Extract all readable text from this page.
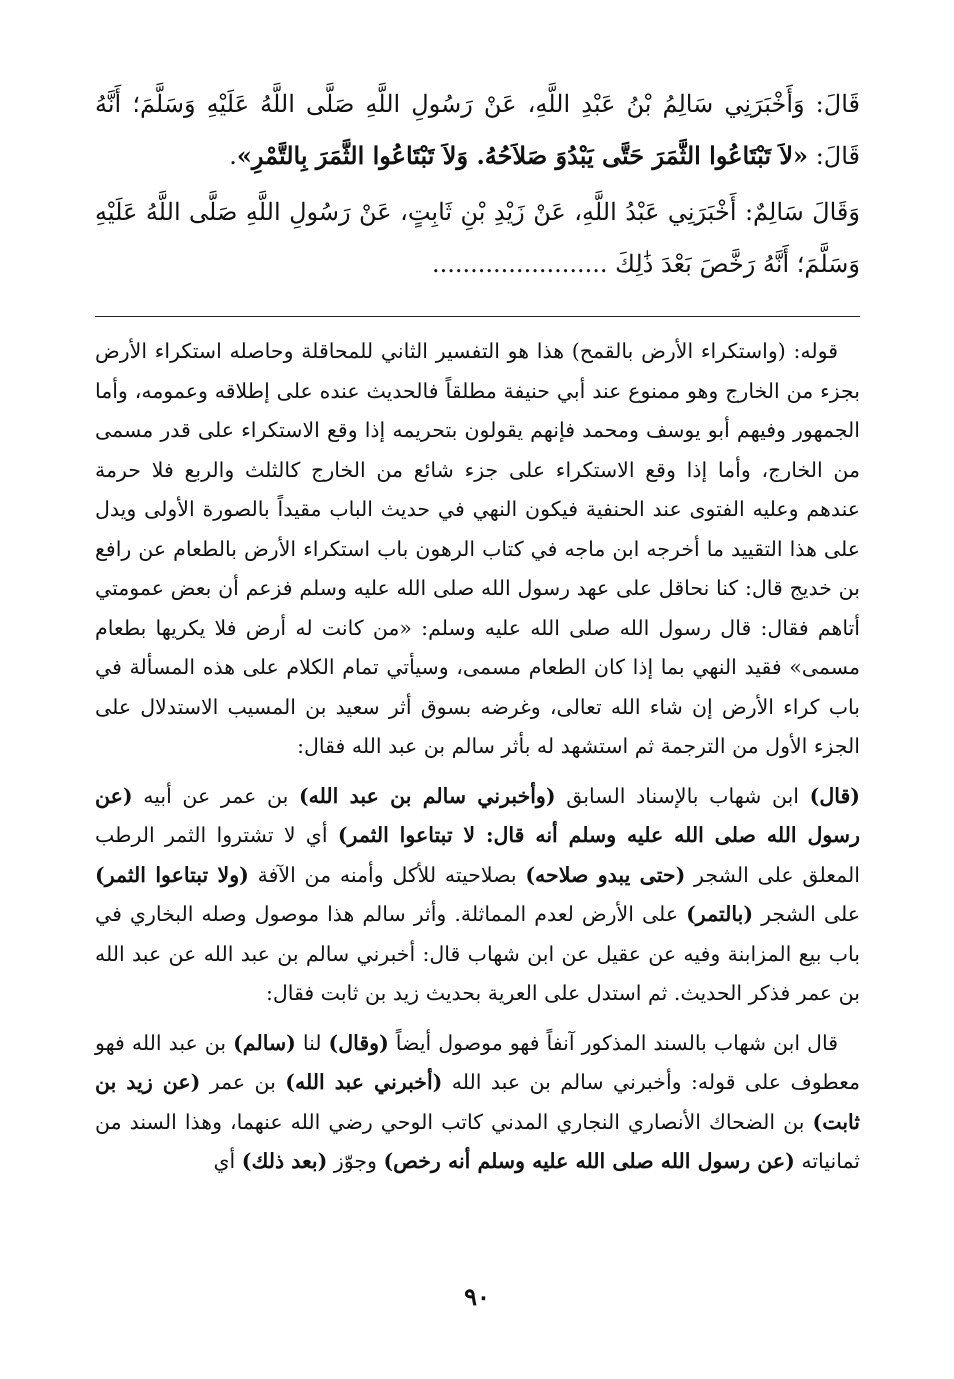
قَالَ: وَأَخْبَرَنِي سَالِمُ بْنُ عَبْدِ اللَّهِ، عَنْ رَسُولِ اللَّهِ صَلَّى اللَّهُ عَلَيْهِ وَسَلَّمَ؛ أَنَّهُ قَالَ: «لاَ تَبْتَاعُوا الثَّمَرَ حَتَّى يَبْدُوَ صَلاَحُهُ. وَلاَ تَبْتَاعُوا الثَّمَرَ بِالتَّمْرِ».

وَقَالَ سَالِمٌ: أَخْبَرَنِي عَبْدُ اللَّهِ، عَنْ زَيْدِ بْنِ ثَابِتٍ، عَنْ رَسُولِ اللَّهِ صَلَّى اللَّهُ عَلَيْهِ وَسَلَّمَ؛ أَنَّهُ رَخَّصَ بَعْدَ ذَٰلِكَ .......................

قوله: (واستكراء الأرض بالقمح) هذا هو التفسير الثاني للمحاقلة وحاصله استكراء الأرض بجزء من الخارج وهو ممنوع عند أبي حنيفة مطلقاً فالحديث عنده على إطلاقه وعمومه، وأما الجمهور وفيهم أبو يوسف ومحمد فإنهم يقولون بتحريمه إذا وقع الاستكراء على قدر مسمى من الخارج، وأما إذا وقع الاستكراء على جزء شائع من الخارج كالثلث والربع فلا حرمة عندهم وعليه الفتوى عند الحنفية فيكون النهي في حديث الباب مقيداً بالصورة الأولى ويدل على هذا التقييد ما أخرجه ابن ماجه في كتاب الرهون باب استكراء الأرض بالطعام عن رافع بن خديج قال: كنا نحاقل على عهد رسول الله صلى الله عليه وسلم فزعم أن بعض عمومتي أتاهم فقال: قال رسول الله صلى الله عليه وسلم: «من كانت له أرض فلا يكريها بطعام مسمى» فقيد النهي بما إذا كان الطعام مسمى، وسيأتي تمام الكلام على هذه المسألة في باب كراء الأرض إن شاء الله تعالى، وغرضه بسوق أثر سعيد بن المسيب الاستدلال على الجزء الأول من الترجمة ثم استشهد له بأثر سالم بن عبد الله فقال:

(قال) ابن شهاب بالإسناد السابق (وأخبرني سالم بن عبد الله) بن عمر عن أبيه (عن رسول الله صلى الله عليه وسلم أنه قال: لا تبتاعوا الثمر) أي لا تشتروا الثمر الرطب المعلق على الشجر (حتى يبدو صلاحه) بصلاحيته للأكل وأمنه من الآفة (ولا تبتاعوا الثمر) على الشجر (بالتمر) على الأرض لعدم المماثلة. وأثر سالم هذا موصول وصله البخاري في باب بيع المزابنة وفيه عن عقيل عن ابن شهاب قال: أخبرني سالم بن عبد الله عن عبد الله بن عمر فذكر الحديث. ثم استدل على العرية بحديث زيد بن ثابت فقال:

قال ابن شهاب بالسند المذكور آنفاً فهو موصول أيضاً (وقال) لنا (سالم) بن عبد الله فهو معطوف على قوله: وأخبرني سالم بن عبد الله (أخبرني عبد الله) بن عمر (عن زيد بن ثابت) بن الضحاك الأنصاري النجاري المدني كاتب الوحي رضي الله عنهما، وهذا السند من ثمانياته (عن رسول الله صلى الله عليه وسلم أنه رخص) وجوّز (بعد ذلك) أي

٩٠
